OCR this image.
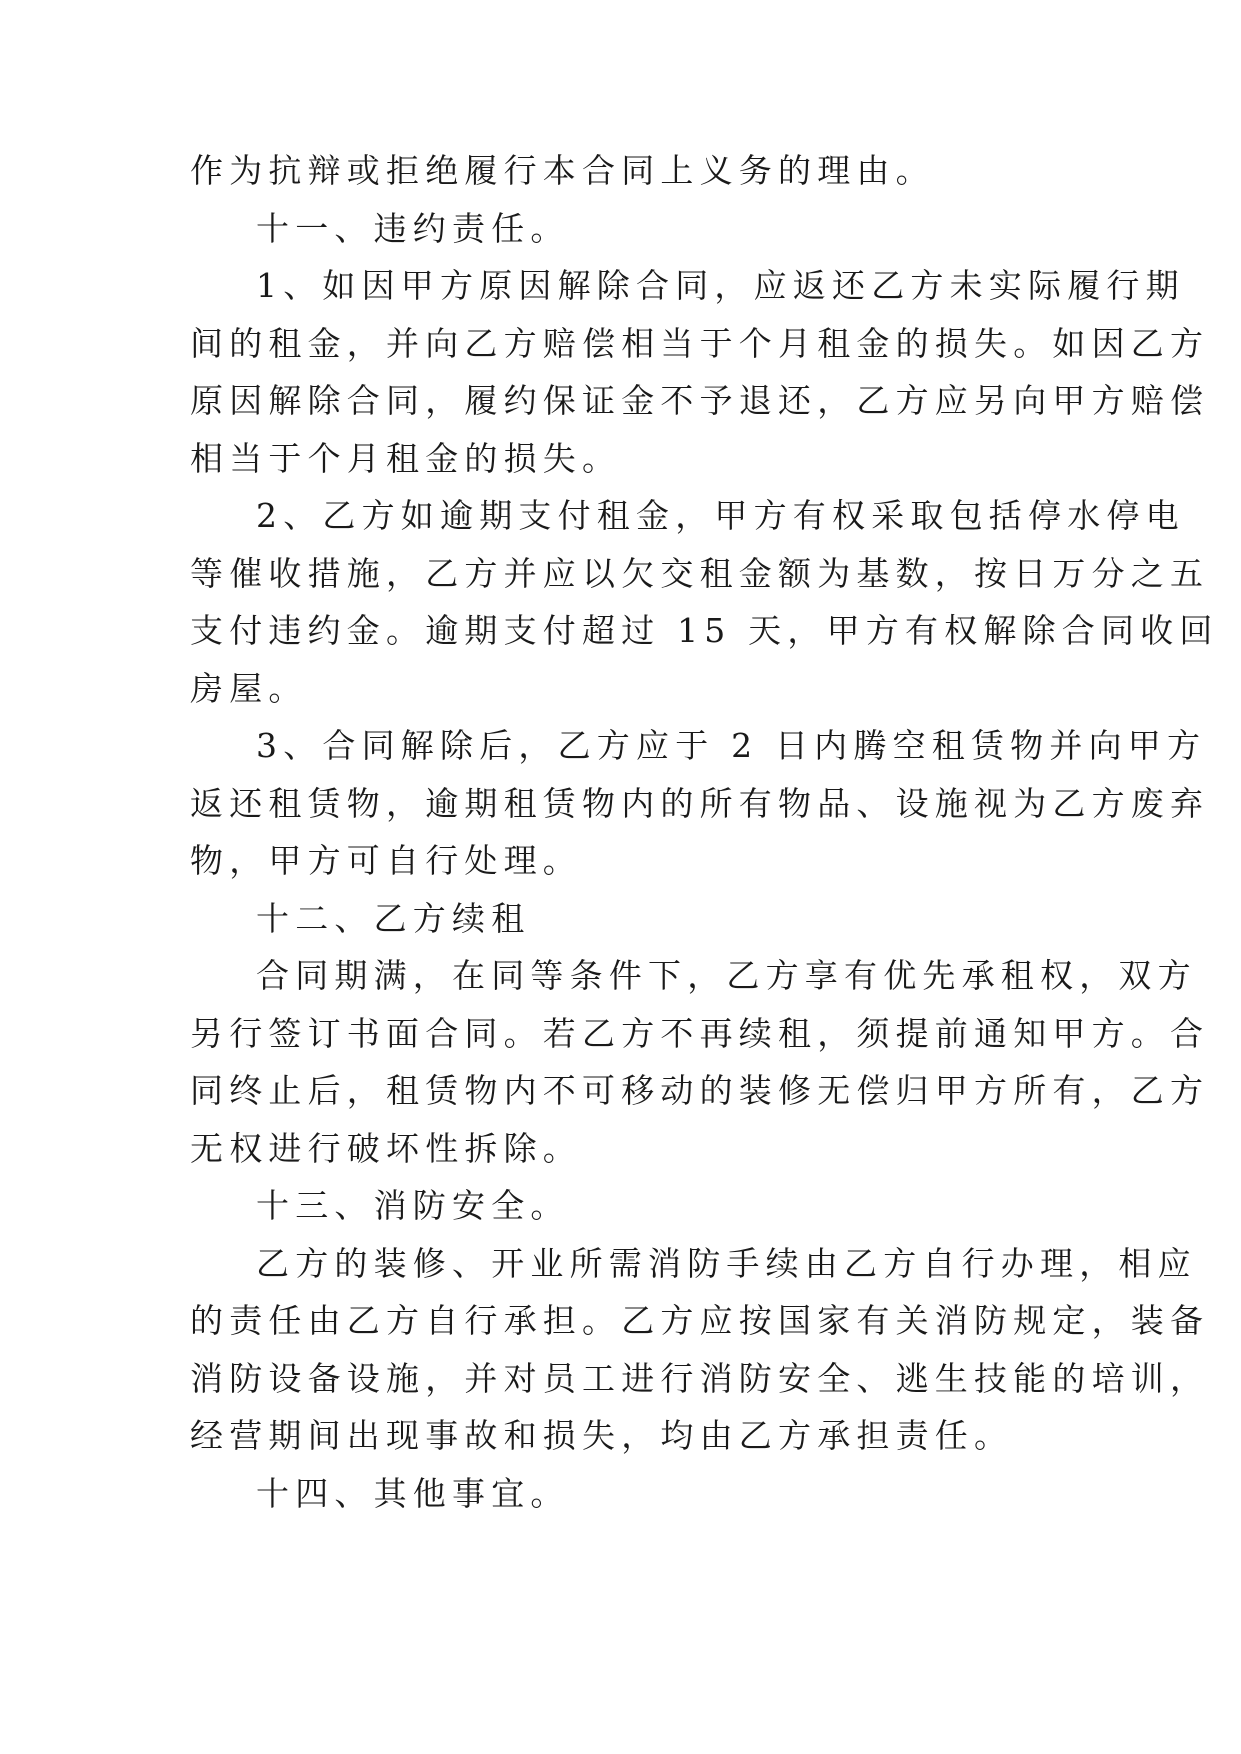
作为抗辩或拒绝履行本合同上义务的理由。
十一、违约责任。
1、如因甲方原因解除合同，应返还乙方未实际履行期
间的租金，并向乙方赔偿相当于个月租金的损失。如因乙方
原因解除合同，履约保证金不予退还，乙方应另向甲方赔偿
相当于个月租金的损失。
2、乙方如逾期支付租金，甲方有权采取包括停水停电
等催收措施，乙方并应以欠交租金额为基数，按日万分之五
支付违约金。逾期支付超过 15 天，甲方有权解除合同收回
房屋。
3、合同解除后，乙方应于 2 日内腾空租赁物并向甲方
返还租赁物，逾期租赁物内的所有物品、设施视为乙方废弃
物，甲方可自行处理。
十二、乙方续租
合同期满，在同等条件下，乙方享有优先承租权，双方
另行签订书面合同。若乙方不再续租，须提前通知甲方。合
同终止后，租赁物内不可移动的装修无偿归甲方所有，乙方
无权进行破坏性拆除。
十三、消防安全。
乙方的装修、开业所需消防手续由乙方自行办理，相应
的责任由乙方自行承担。乙方应按国家有关消防规定，装备
消防设备设施，并对员工进行消防安全、逃生技能的培训，
经营期间出现事故和损失，均由乙方承担责任。
十四、其他事宜。
